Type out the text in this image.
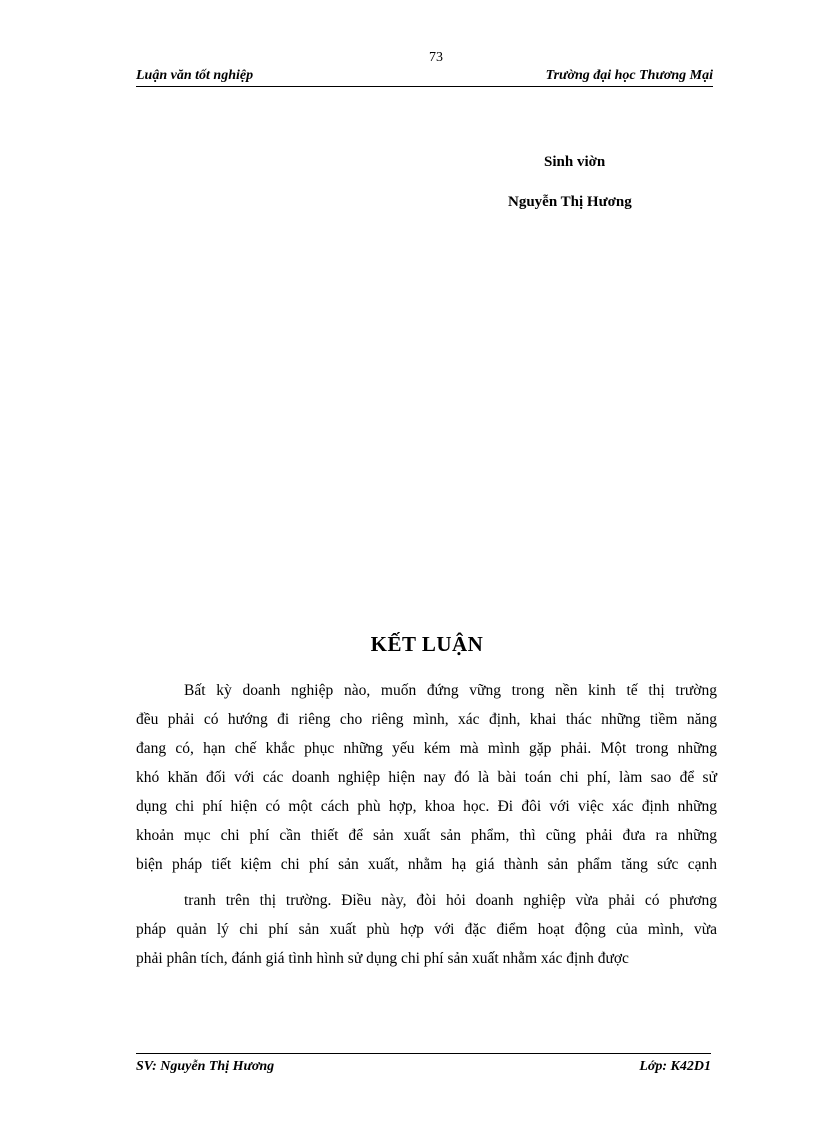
73
Luận văn tốt nghiệp	Trường đại học Thương Mại
Sinh viờn
Nguyễn Thị Hương
KẾT LUẬN
Bất kỳ doanh nghiệp nào, muốn đứng vững trong nền kinh tế thị trường
đều phải có hướng đi riêng cho riêng mình, xác định, khai thác những tiềm năng
đang có, hạn chế khắc phục những yếu kém mà mình gặp phải. Một trong những
khó khăn đối với các doanh nghiệp hiện nay đó là bài toán chi phí, làm sao để sử
dụng chi phí hiện có một cách phù hợp, khoa học. Đi đôi với việc xác định những
khoản mục chi phí cần thiết để sản xuất sản phẩm, thì cũng phải đưa ra những
biện pháp tiết kiệm chi phí sản xuất, nhằm hạ giá thành sản phẩm tăng sức cạnh
tranh trên thị trường. Điều này, đòi hỏi doanh nghiệp vừa phải có phương
pháp quản lý chi phí sản xuất phù hợp với đặc điểm hoạt động của mình, vừa
phải phân tích, đánh giá tình hình sử dụng chi phí sản xuất nhằm xác định được
SV: Nguyễn Thị Hương	Lớp: K42D1
